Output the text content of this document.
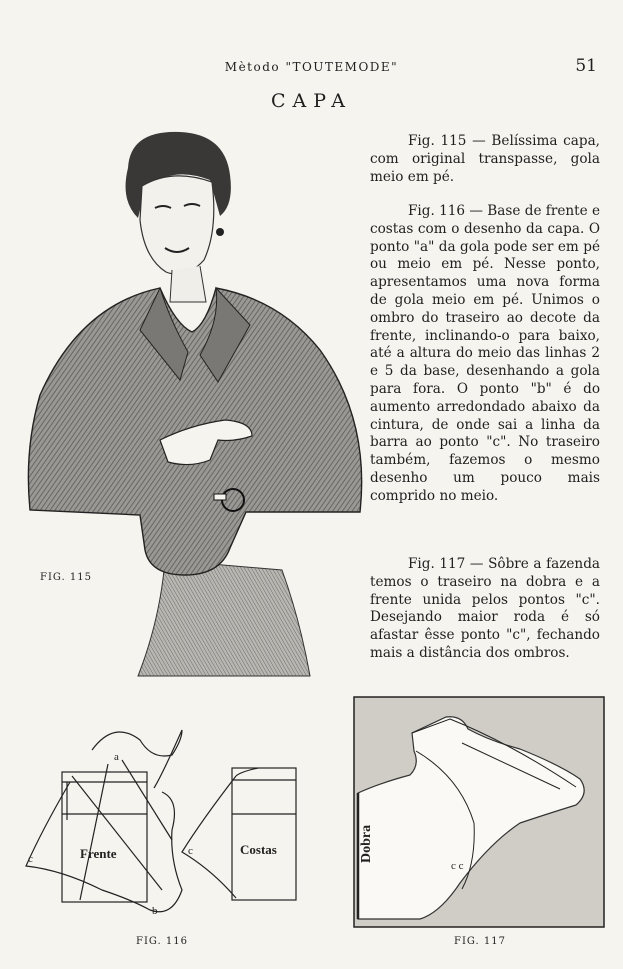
Mètodo "TOUTEMODE"	51
CAPA
Fig. 115 — Belíssima capa, com original transpasse, gola meio em pé.
Fig. 116 — Base de frente e costas com o desenho da capa. O ponto "a" da gola pode ser em pé ou meio em pé. Nesse ponto, apresentamos uma nova forma de gola meio em pé. Unimos o ombro do traseiro ao decote da frente, inclinando-o para baixo, até a altura do meio das linhas 2 e 5 da base, desenhando a gola para fora. O ponto "b" é do aumento arredondado abaixo da cintura, de onde sai a linha da barra ao ponto "c". No traseiro também, fazemos o mesmo desenho um pouco mais comprido no meio.
Fig. 117 — Sôbre a fazenda temos o traseiro na dobra e a frente unida pelos pontos "c". Desejando maior roda é só afastar êsse ponto "c", fechando mais a distância dos ombros.
FIG. 115
a
b
c
c
Frente	Costas
FIG. 116
Dobra
c c
FIG. 117
